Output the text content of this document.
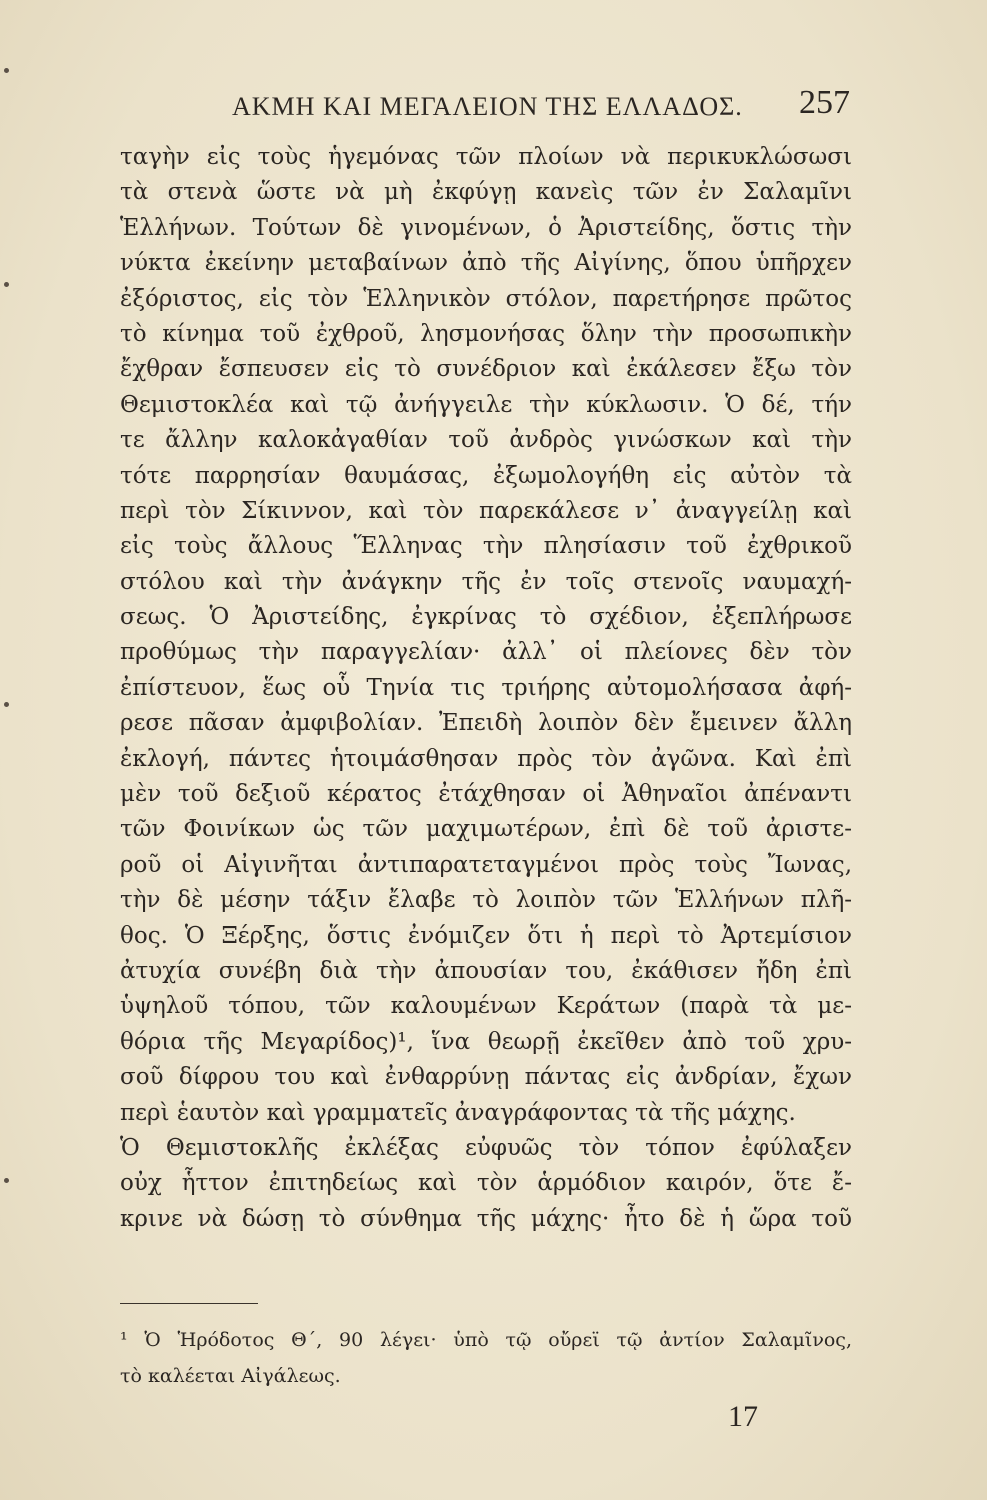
ΑΚΜΗ ΚΑΙ ΜΕΓΑΛΕΙΟΝ ΤΗΣ ΕΛΛΑΔΟΣ. 257
ταγὴν εἰς τοὺς ἡγεμόνας τῶν πλοίων νὰ περικυκλώσωσι
τὰ στενὰ ὥστε νὰ μὴ ἐκφύγῃ κανεὶς τῶν ἐν Σαλαμῖνι
Ἑλλήνων. Τούτων δὲ γινομένων, ὁ Ἀριστείδης, ὅστις τὴν
νύκτα ἐκείνην μεταβαίνων ἀπὸ τῆς Αἰγίνης, ὅπου ὑπῆρχεν
ἐξόριστος, εἰς τὸν Ἑλληνικὸν στόλον, παρετήρησε πρῶτος
τὸ κίνημα τοῦ ἐχθροῦ, λησμονήσας ὅλην τὴν προσωπικὴν
ἔχθραν ἔσπευσεν εἰς τὸ συνέδριον καὶ ἐκάλεσεν ἔξω τὸν
Θεμιστοκλέα καὶ τῷ ἀνήγγειλε τὴν κύκλωσιν. Ὁ δέ, τήν
τε ἄλλην καλοκἀγαθίαν τοῦ ἀνδρὸς γινώσκων καὶ τὴν
τότε παρρησίαν θαυμάσας, ἐξωμολογήθη εἰς αὐτὸν τὰ
περὶ τὸν Σίκιννον, καὶ τὸν παρεκάλεσε ν᾽ ἀναγγείλῃ καὶ
εἰς τοὺς ἄλλους Ἕλληνας τὴν πλησίασιν τοῦ ἐχθρικοῦ
στόλου καὶ τὴν ἀνάγκην τῆς ἐν τοῖς στενοῖς ναυμαχή-
σεως. Ὁ Ἀριστείδης, ἐγκρίνας τὸ σχέδιον, ἐξεπλήρωσε
προθύμως τὴν παραγγελίαν· ἀλλ᾽ οἱ πλείονες δὲν τὸν
ἐπίστευον, ἕως οὗ Τηνία τις τριήρης αὐτομολήσασα ἀφή-
ρεσε πᾶσαν ἀμφιβολίαν. Ἐπειδὴ λοιπὸν δὲν ἔμεινεν ἄλλη
ἐκλογή, πάντες ἡτοιμάσθησαν πρὸς τὸν ἀγῶνα. Καὶ ἐπὶ
μὲν τοῦ δεξιοῦ κέρατος ἐτάχθησαν οἱ Ἀθηναῖοι ἀπέναντι
τῶν Φοινίκων ὡς τῶν μαχιμωτέρων, ἐπὶ δὲ τοῦ ἀριστε-
ροῦ οἱ Αἰγινῆται ἀντιπαρατεταγμένοι πρὸς τοὺς Ἴωνας,
τὴν δὲ μέσην τάξιν ἔλαβε τὸ λοιπὸν τῶν Ἑλλήνων πλῆ-
θος. Ὁ Ξέρξης, ὅστις ἐνόμιζεν ὅτι ἡ περὶ τὸ Ἀρτεμίσιον
ἀτυχία συνέβη διὰ τὴν ἀπουσίαν του, ἐκάθισεν ἤδη ἐπὶ
ὑψηλοῦ τόπου, τῶν καλουμένων Κεράτων (παρὰ τὰ με-
θόρια τῆς Μεγαρίδος)¹, ἵνα θεωρῇ ἐκεῖθεν ἀπὸ τοῦ χρυ-
σοῦ δίφρου του καὶ ἐνθαρρύνῃ πάντας εἰς ἀνδρίαν, ἔχων
περὶ ἑαυτὸν καὶ γραμματεῖς ἀναγράφοντας τὰ τῆς μάχης.
Ὁ Θεμιστοκλῆς ἐκλέξας εὐφυῶς τὸν τόπον ἐφύλαξεν
οὐχ ἧττον ἐπιτηδείως καὶ τὸν ἁρμόδιον καιρόν, ὅτε ἔ-
κρινε νὰ δώσῃ τὸ σύνθημα τῆς μάχης· ἦτο δὲ ἡ ὥρα τοῦ
¹ Ὁ Ἡρόδοτος Θ΄, 90 λέγει· ὑπὸ τῷ οὔρεϊ τῷ ἀντίον Σαλαμῖνος,
τὸ καλέεται Αἰγάλεως.
17
